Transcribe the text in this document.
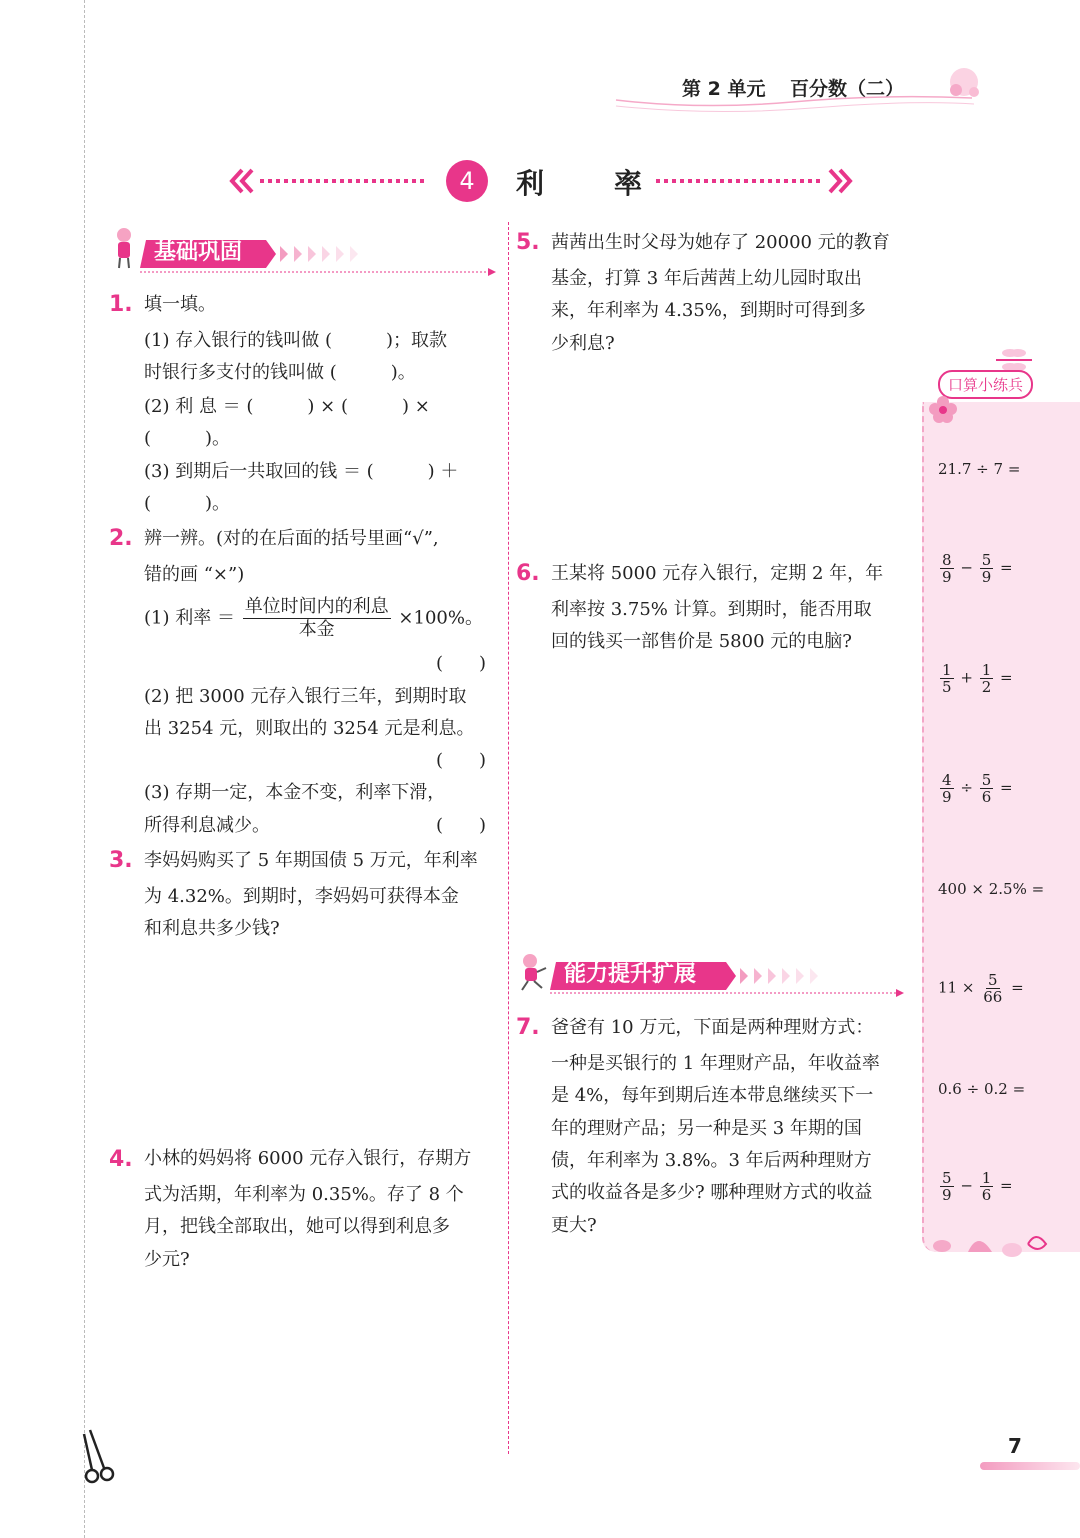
第 2 单元 百分数（二）
4	利 率
基础巩固
1. 填一填。
(1) 存入银行的钱叫做 (　　　)；取款
时银行多支付的钱叫做 (　　　)。
(2) 利 息 ＝ (　　　) × (　　　) ×
(　　　)。
(3) 到期后一共取回的钱 ＝ (　　　) ＋
(　　　)。
2. 辨一辨。(对的在后面的括号里画“√”,
错的画 “×”)
(1) 利率 ＝ $\frac{\text{单位时间内的利息}}{\text{本金}} \times 100\%$。
(　　)
(2) 把 3000 元存入银行三年，到期时取
出 3254 元，则取出的 3254 元是利息。
(　　)
(3) 存期一定，本金不变，利率下滑，
所得利息减少。	(　　)
3. 李妈妈购买了 5 年期国债 5 万元，年利率
为 4.32%。到期时，李妈妈可获得本金
和利息共多少钱?
4. 小林的妈妈将 6000 元存入银行，存期方
式为活期，年利率为 0.35%。存了 8 个
月，把钱全部取出，她可以得到利息多
少元?
5. 茜茜出生时父母为她存了 20000 元的教育
基金，打算 3 年后茜茜上幼儿园时取出
来，年利率为 4.35%，到期时可得到多
少利息?
6. 王某将 5000 元存入银行，定期 2 年，年
利率按 3.75% 计算。到期时，能否用取
回的钱买一部售价是 5800 元的电脑?
能力提升扩展
7. 爸爸有 10 万元，下面是两种理财方式：
一种是买银行的 1 年理财产品，年收益率
是 4%，每年到期后连本带息继续买下一
年的理财产品；另一种是买 3 年期的国
债，年利率为 3.8%。3 年后两种理财方
式的收益各是多少? 哪种理财方式的收益
更大?
口算小练兵
21.7 ÷ 7 =
$\frac{8}{9} - \frac{5}{9}$ =
$\frac{1}{5} + \frac{1}{2}$ =
$\frac{4}{9} \div \frac{5}{6}$ =
400 × 2.5% =
$11 \times \frac{5}{66}$ =
0.6 ÷ 0.2 =
$\frac{5}{9} - \frac{1}{6}$ =
7
